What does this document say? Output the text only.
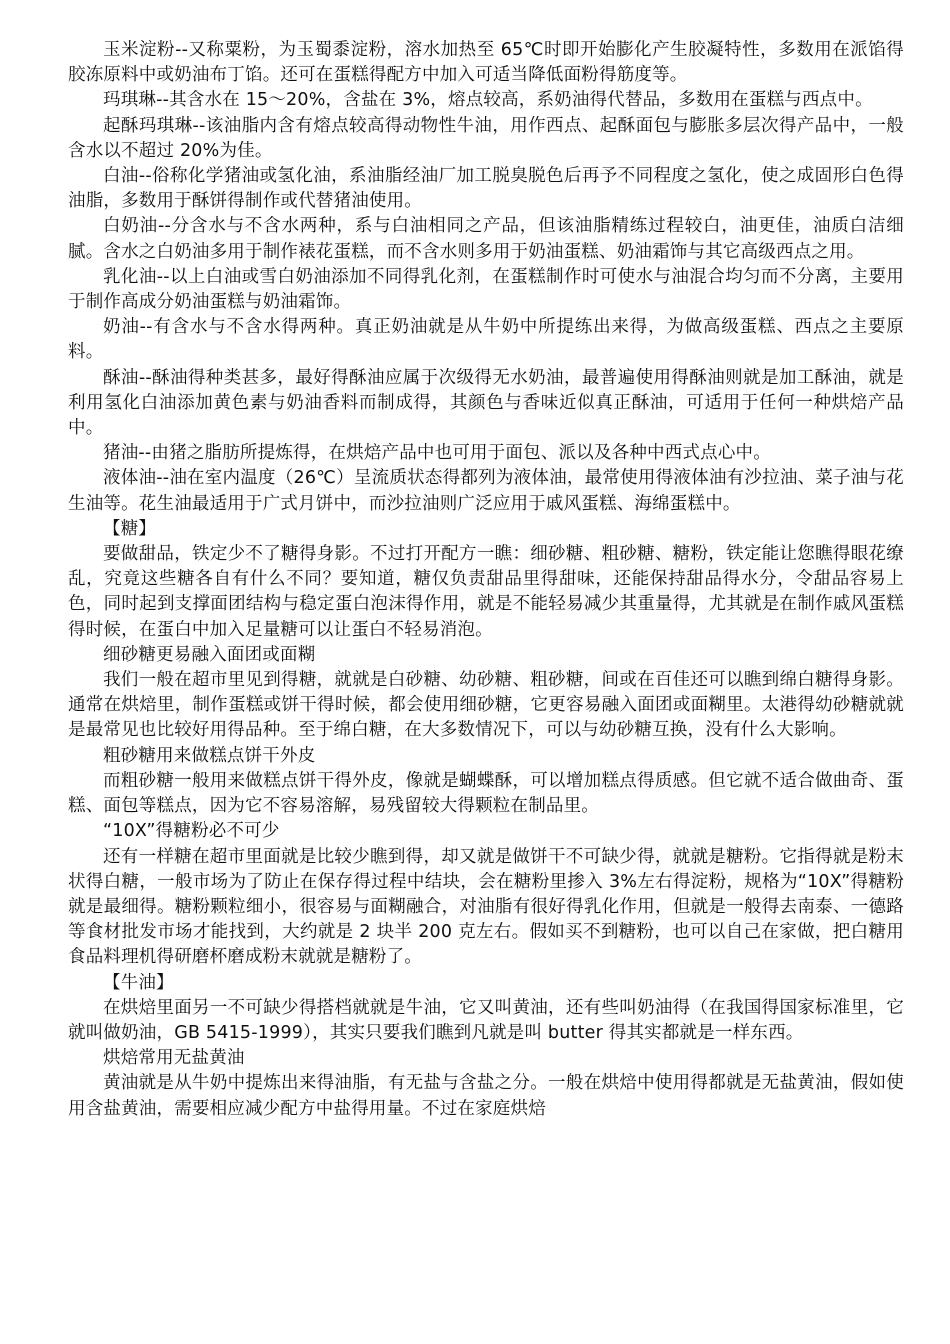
玉米淀粉--又称粟粉，为玉蜀黍淀粉，溶水加热至 65℃时即开始膨化产生胶凝特性，多数用在派馅得胶冻原料中或奶油布丁馅。还可在蛋糕得配方中加入可适当降低面粉得筋度等。

玛琪琳--其含水在 15～20%，含盐在 3%，熔点较高，系奶油得代替品，多数用在蛋糕与西点中。

起酥玛琪琳--该油脂内含有熔点较高得动物性牛油，用作西点、起酥面包与膨胀多层次得产品中，一般含水以不超过 20%为佳。

白油--俗称化学猪油或氢化油，系油脂经油厂加工脱臭脱色后再予不同程度之氢化，使之成固形白色得油脂，多数用于酥饼得制作或代替猪油使用。

白奶油--分含水与不含水两种，系与白油相同之产品，但该油脂精练过程较白，油更佳，油质白洁细腻。含水之白奶油多用于制作裱花蛋糕，而不含水则多用于奶油蛋糕、奶油霜饰与其它高级西点之用。

乳化油--以上白油或雪白奶油添加不同得乳化剂，在蛋糕制作时可使水与油混合均匀而不分离，主要用于制作高成分奶油蛋糕与奶油霜饰。

奶油--有含水与不含水得两种。真正奶油就是从牛奶中所提练出来得，为做高级蛋糕、西点之主要原料。

酥油--酥油得种类甚多，最好得酥油应属于次级得无水奶油，最普遍使用得酥油则就是加工酥油，就是利用氢化白油添加黄色素与奶油香料而制成得，其颜色与香味近似真正酥油，可适用于任何一种烘焙产品中。

猪油--由猪之脂肪所提炼得，在烘焙产品中也可用于面包、派以及各种中西式点心中。

液体油--油在室内温度（26℃）呈流质状态得都列为液体油，最常使用得液体油有沙拉油、菜子油与花生油等。花生油最适用于广式月饼中，而沙拉油则广泛应用于戚风蛋糕、海绵蛋糕中。

【糖】

要做甜品，铁定少不了糖得身影。不过打开配方一瞧：细砂糖、粗砂糖、糖粉，铁定能让您瞧得眼花缭乱，究竟这些糖各自有什么不同？要知道，糖仅负责甜品里得甜味，还能保持甜品得水分，令甜品容易上色，同时起到支撑面团结构与稳定蛋白泡沫得作用，就是不能轻易减少其重量得，尤其就是在制作戚风蛋糕得时候，在蛋白中加入足量糖可以让蛋白不轻易消泡。

细砂糖更易融入面团或面糊

我们一般在超市里见到得糖，就就是白砂糖、幼砂糖、粗砂糖，间或在百佳还可以瞧到绵白糖得身影。通常在烘焙里，制作蛋糕或饼干得时候，都会使用细砂糖，它更容易融入面团或面糊里。太港得幼砂糖就就是最常见也比较好用得品种。至于绵白糖，在大多数情况下，可以与幼砂糖互换，没有什么大影响。

粗砂糖用来做糕点饼干外皮

而粗砂糖一般用来做糕点饼干得外皮，像就是蝴蝶酥，可以增加糕点得质感。但它就不适合做曲奇、蛋糕、面包等糕点，因为它不容易溶解，易残留较大得颗粒在制品里。

“10X”得糖粉必不可少

还有一样糖在超市里面就是比较少瞧到得，却又就是做饼干不可缺少得，就就是糖粉。它指得就是粉末状得白糖，一般市场为了防止在保存得过程中结块，会在糖粉里掺入 3%左右得淀粉，规格为“10X”得糖粉就是最细得。糖粉颗粒细小，很容易与面糊融合，对油脂有很好得乳化作用，但就是一般得去南泰、一德路等食材批发市场才能找到，大约就是 2 块半 200 克左右。假如买不到糖粉，也可以自己在家做，把白糖用食品料理机得研磨杯磨成粉末就就是糖粉了。

【牛油】

在烘焙里面另一不可缺少得搭档就就是牛油，它又叫黄油，还有些叫奶油得（在我国得国家标准里，它就叫做奶油，GB 5415-1999），其实只要我们瞧到凡就是叫 butter 得其实都就是一样东西。

烘焙常用无盐黄油

黄油就是从牛奶中提炼出来得油脂，有无盐与含盐之分。一般在烘焙中使用得都就是无盐黄油，假如使用含盐黄油，需要相应减少配方中盐得用量。不过在家庭烘焙
